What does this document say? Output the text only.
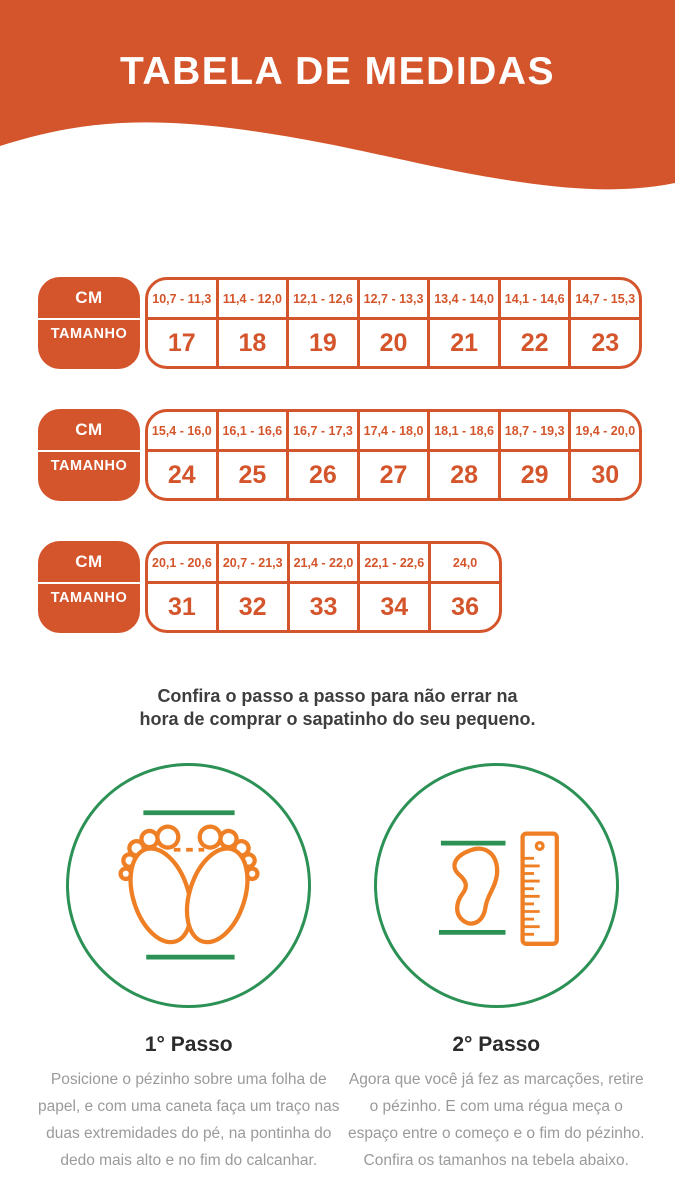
TABELA DE MEDIDAS
CM
TAMANHO
10,7 - 11,3
17
11,4 - 12,0
18
12,1 - 12,6
19
12,7 - 13,3
20
13,4 - 14,0
21
14,1 - 14,6
22
14,7 - 15,3
23
CM
TAMANHO
15,4 - 16,0
24
16,1 - 16,6
25
16,7 - 17,3
26
17,4 - 18,0
27
18,1 - 18,6
28
18,7 - 19,3
29
19,4 - 20,0
30
CM
TAMANHO
20,1 - 20,6
31
20,7 - 21,3
32
21,4 - 22,0
33
22,1 - 22,6
34
24,0
36
Confira o passo a passo para não errar na
hora de comprar o sapatinho do seu pequeno.
1° Passo
Posicione o pézinho sobre uma folha de papel, e com uma caneta faça um traço nas duas extremidades do pé, na pontinha do dedo mais alto e no fim do calcanhar.
2° Passo
Agora que você já fez as marcações, retire o pézinho. E com uma régua meça o espaço entre o começo e o fim do pézinho. Confira os tamanhos na tebela abaixo.
